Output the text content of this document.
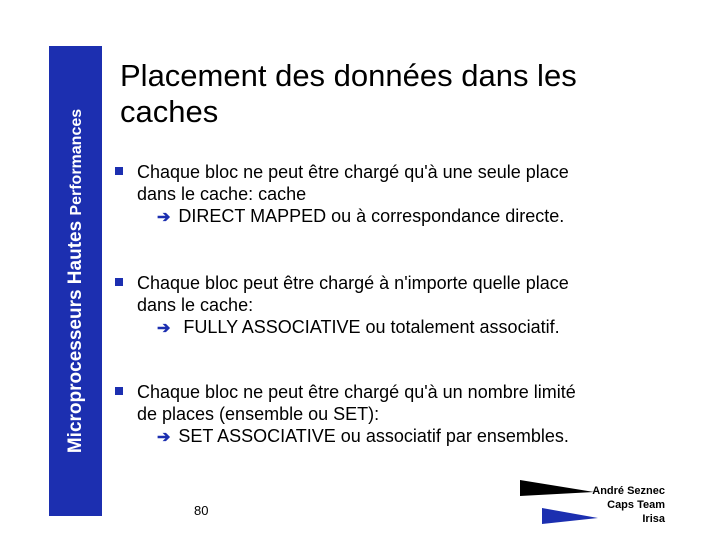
Microprocesseurs Hautes Performances
Placement des données dans les
caches
Chaque bloc ne peut être chargé qu'à une seule place
dans le cache: cache
➔ DIRECT MAPPED ou à correspondance directe.
Chaque bloc peut être chargé à n'importe quelle place
dans le cache:
➔ FULLY ASSOCIATIVE ou totalement associatif.
Chaque bloc ne peut être chargé qu'à un nombre limité
de places (ensemble ou SET):
➔ SET ASSOCIATIVE ou associatif par ensembles.
80
André Seznec
Caps Team
Irisa
